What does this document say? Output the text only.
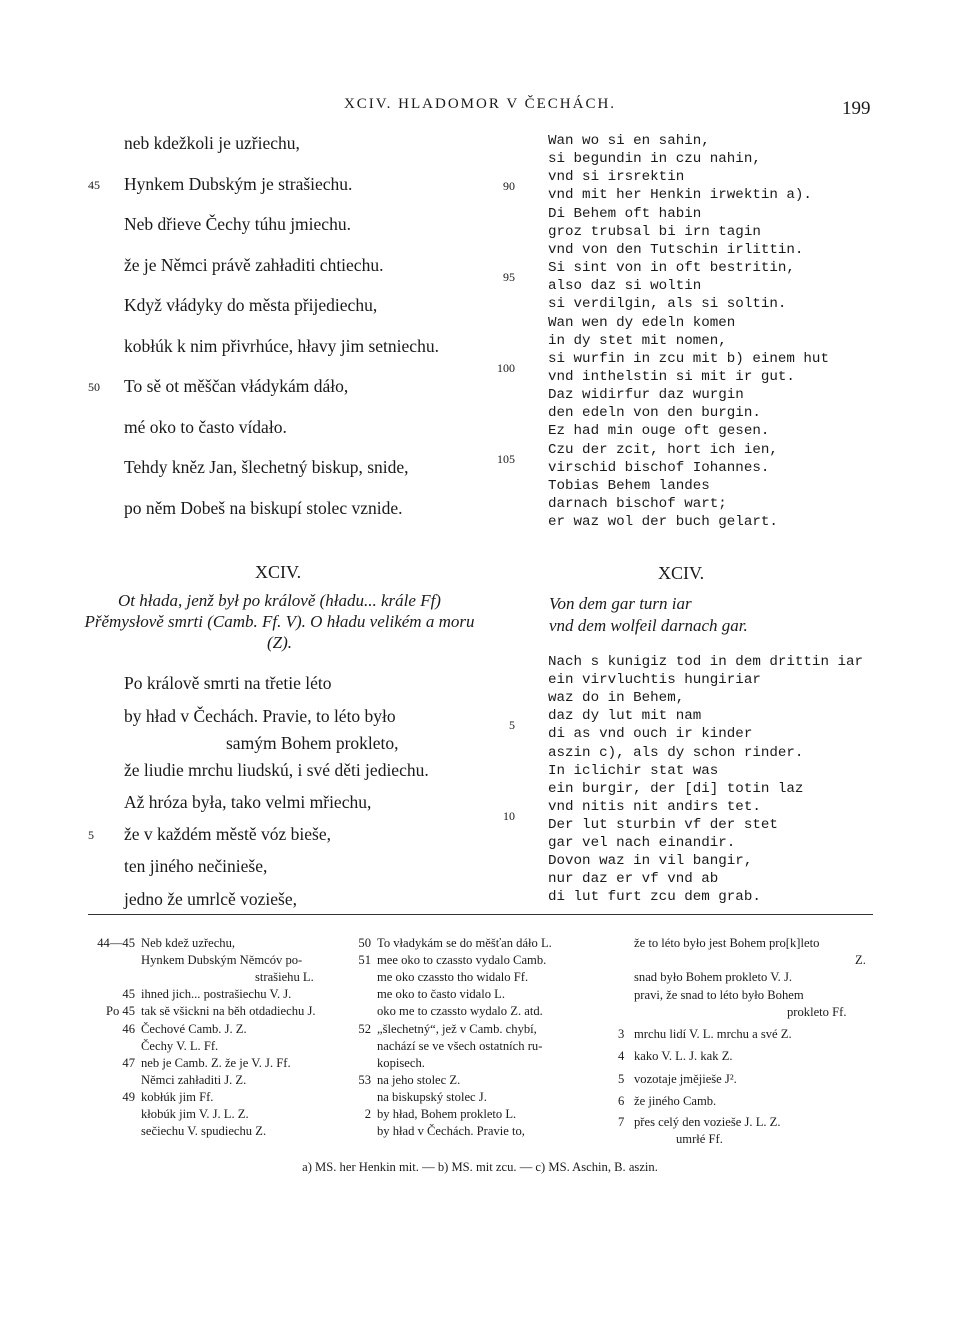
XCIV. HLADOMOR V ČECHÁCH.	199
neb kdežkoli je uzřiechu,
45 Hynkem Dubským je strašiechu.
Neb dřieve Čechy túhu jmiechu.
že je Němci právě zahładiti chtiechu.
Když vłádyky do města přijediechu,
kobłúk k nim přivrhúce, hłavy jim setniechu.
50 To sě ot měščan vłádykám dáło,
mé oko to často vídało.
Tehdy kněz Jan, šlechetný biskup, snide,
po něm Dobeš na biskupí stolec vznide.
Wan wo si en sahin,
si begundin in czu nahin,
vnd si irsrektin
90
vnd mit her Henkin irwektin a).
Di Behem oft habin
groz trubsal bi irn tagin
vnd von den Tutschin irlittin.
Si sint von in oft bestritin,
95
also daz si woltin
si verdilgin, als si soltin.
Wan wen dy edeln komen
in dy stet mit nomen,
si wurfin in zcu mit b) einem hut
100
vnd inthelstin si mit ir gut.
Daz widirfur daz wurgin
den edeln von den burgin.
Ez had min ouge oft gesen.
Czu der zcit, hort ich ien,
105
virschid bischof Iohannes.
Tobias Behem landes
darnach bischof wart;
er waz wol der buch gelart.
XCIV.
Ot hłada, jenž był po králově (hładu... krále Ff) Přěmysłově smrti (Camb. Ff. V). O hładu velikém a moru (Z).
Po králově smrti na třetie léto
by hład v Čechách. Pravie, to léto było
samým Bohem prokleto,
že liudie mrchu liudskú, i své děti jediechu.
Až hróza była, tako velmi mřiechu,
5 že v každém městě vóz bieše,
ten jiného nečinieše,
jedno že umrlcě voziešе,
XCIV.
Von dem gar turn iar
vnd dem wolfeil darnach gar.
Nach s kunigiz tod in dem drittin iar
ein virvluchtis hungiriar
waz do in Behem,
daz dy lut mit nam
5
di as vnd ouch ir kinder
aszin c), als dy schon rinder.
In iclichir stat was
ein burgir, der [di] totin laz
vnd nitis nit andirs tet.
10
Der lut sturbin vf der stet
gar vel nach einandir.
Dovon waz in vil bangir,
nur daz er vf vnd ab
di lut furt zcu dem grab.
44—45 Neb kdež uzřechu,
Hynkem Dubským Němcóv po-
strašiehu L.
45 ihned jich... postrašiechu V. J.
Po 45 tak sě všickni na běh otdadiechu J.
46 Čechové Camb. J. Z.
Čechy V. L. Ff.
47 neb je Camb. Z. že je V. J. Ff.
Němci zahładiti J. Z.
49 kobłúk jim Ff.
kłobúk jim V. J. L. Z.
sečiechu V. spudiechu Z.
50 To vładykám se do měšťan dáło L.
51 mee oko to czassto vydalo Camb.
me oko czassto tho widalo Ff.
me oko to často vidalo L.
oko me to czassto wydalo Z. atd.
52 „šlechetný“, jež v Camb. chybí,
nachází se ve všech ostatních ru-
kopisech.
53 na jeho stolec Z.
na biskupský stolec J.
2 by hład, Bohem prokleto L.
by hład v Čechách. Pravie to,
že to léto było jest Bohem pro[k]leto
Z.
snad było Bohem prokleto V. J.
pravi, že snad to léto było Bohem
prokleto Ff.
3 mrchu lidí V. L. mrchu a své Z.
4 kako V. L. J. kak Z.
5 vozotaje jmějieše J².
6 že jiného Camb.
7 přes celý den vozieše J. L. Z.
umrłé Ff.
a) MS. her Henkin mit. — b) MS. mit zcu. — c) MS. Aschin, B. aszin.
